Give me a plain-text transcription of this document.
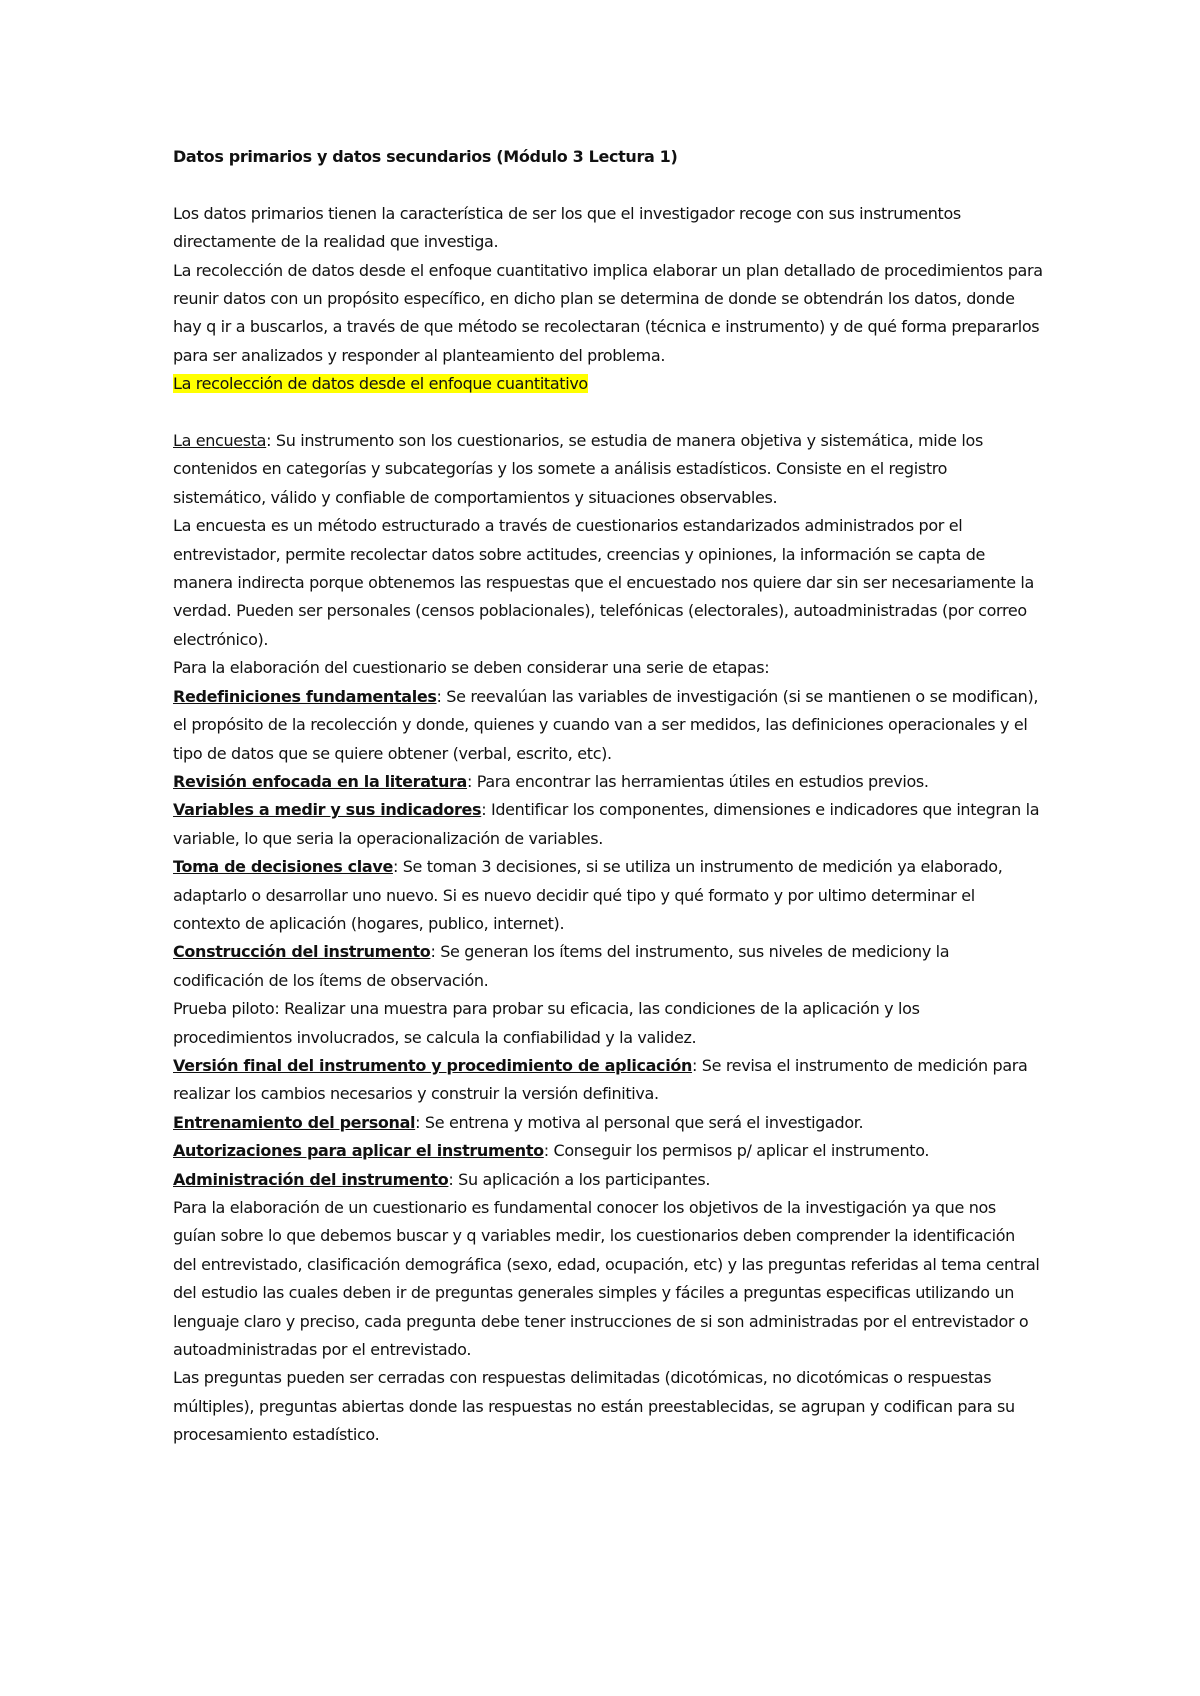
Datos primarios y datos secundarios (Módulo 3 Lectura 1)

Los datos primarios tienen la característica de ser los que el investigador recoge con sus instrumentos directamente de la realidad que investiga.

La recolección de datos desde el enfoque cuantitativo implica elaborar un plan detallado de procedimientos para reunir datos con un propósito específico, en dicho plan se determina de donde se obtendrán los datos, donde hay q ir a buscarlos, a través de que método se recolectaran (técnica e instrumento) y de qué forma prepararlos para ser analizados y responder al planteamiento del problema.

La recolección de datos desde el enfoque cuantitativo

La encuesta: Su instrumento son los cuestionarios, se estudia de manera objetiva y sistemática, mide los contenidos en categorías y subcategorías y los somete a análisis estadísticos. Consiste en el registro sistemático, válido y confiable de comportamientos y situaciones observables.

La encuesta es un método estructurado a través de cuestionarios estandarizados administrados por el entrevistador, permite recolectar datos sobre actitudes, creencias y opiniones, la información se capta de manera indirecta porque obtenemos las respuestas que el encuestado nos quiere dar sin ser necesariamente la verdad. Pueden ser personales (censos poblacionales), telefónicas (electorales), autoadministradas (por correo electrónico).

Para la elaboración del cuestionario se deben considerar una serie de etapas:

Redefiniciones fundamentales: Se reevalúan las variables de investigación (si se mantienen o se modifican), el propósito de la recolección y donde, quienes y cuando van a ser medidos, las definiciones operacionales y el tipo de datos que se quiere obtener (verbal, escrito, etc).

Revisión enfocada en la literatura: Para encontrar las herramientas útiles en estudios previos.

Variables a medir y sus indicadores: Identificar los componentes, dimensiones e indicadores que integran la variable, lo que seria la operacionalización de variables.

Toma de decisiones clave: Se toman 3 decisiones, si se utiliza un instrumento de medición ya elaborado, adaptarlo o desarrollar uno nuevo. Si es nuevo decidir qué tipo y qué formato y por ultimo determinar el contexto de aplicación (hogares, publico, internet).

Construcción del instrumento: Se generan los ítems del instrumento, sus niveles de mediciony la codificación de los ítems de observación.

Prueba piloto: Realizar una muestra para probar su eficacia, las condiciones de la aplicación y los procedimientos involucrados, se calcula la confiabilidad y la validez.

Versión final del instrumento y procedimiento de aplicación: Se revisa el instrumento de medición para realizar los cambios necesarios y construir la versión definitiva.

Entrenamiento del personal: Se entrena y motiva al personal que será el investigador.

Autorizaciones para aplicar el instrumento: Conseguir los permisos p/ aplicar el instrumento.

Administración del instrumento: Su aplicación a los participantes.

Para la elaboración de un cuestionario es fundamental conocer los objetivos de la investigación ya que nos guían sobre lo que debemos buscar y q variables medir, los cuestionarios deben comprender la identificación del entrevistado, clasificación demográfica (sexo, edad, ocupación, etc) y las preguntas referidas al tema central del estudio las cuales deben ir de preguntas generales simples y fáciles a preguntas especificas utilizando un lenguaje claro y preciso, cada pregunta debe tener instrucciones de si son administradas por el entrevistador o autoadministradas por el entrevistado.

Las preguntas pueden ser cerradas con respuestas delimitadas (dicotómicas, no dicotómicas o respuestas múltiples), preguntas abiertas donde las respuestas no están preestablecidas, se agrupan y codifican para su procesamiento estadístico.
